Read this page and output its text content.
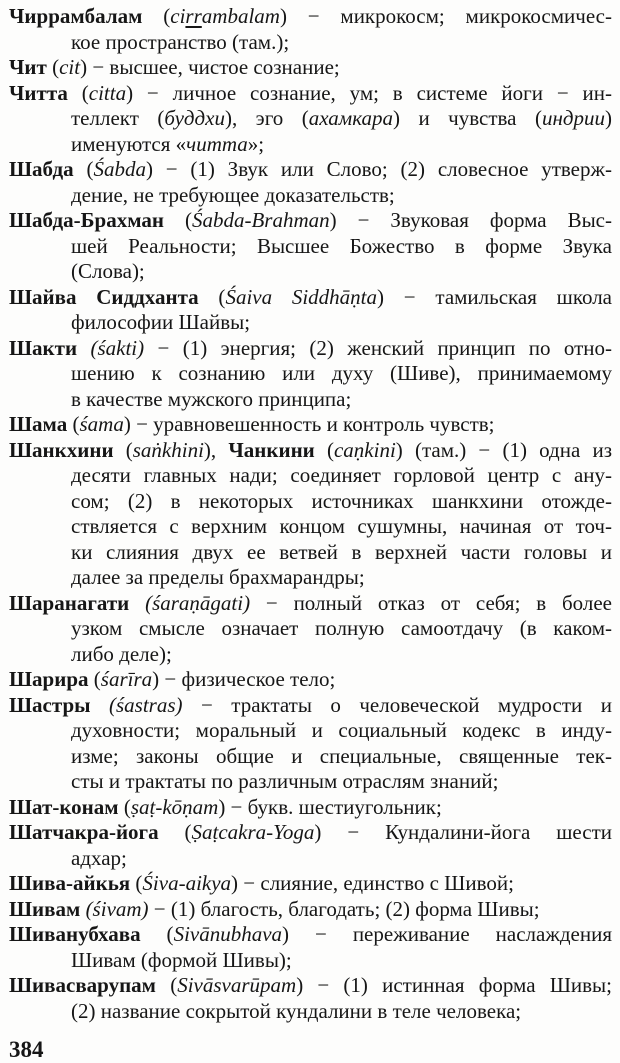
Чиррамбалам (cirrambalam) − микрокосм; микрокосмичес-
кое пространство (там.);
Чит (cit) − высшее, чистое сознание;
Читта (citta) − личное сознание, ум; в системе йоги − ин-
теллект (буддхи), эго (ахамкара) и чувства (индрии)
именуются «читта»;
Шабда (Śabda) − (1) Звук или Слово; (2) словесное утверж-
дение, не требующее доказательств;
Шабда-Брахман (Śabda-Brahman) − Звуковая форма Выс-
шей Реальности; Высшее Божество в форме Звука
(Слова);
Шайва Сиддханта (Śaiva Siddhāṇta) − тамильская школа
философии Шайвы;
Шакти (śakti) − (1) энергия; (2) женский принцип по отно-
шению к сознанию или духу (Шиве), принимаемому
в качестве мужского принципа;
Шама (śama) − уравновешенность и контроль чувств;
Шанкхини (saṅkhini), Чанкини (caṇkini) (там.) − (1) одна из
десяти главных нади; соединяет горловой центр с ану-
сом; (2) в некоторых источниках шанкхини отожде-
ствляется с верхним концом сушумны, начиная от точ-
ки слияния двух ее ветвей в верхней части головы и
далее за пределы брахмарандры;
Шаранагати (śaraṇāgati) − полный отказ от себя; в более
узком смысле означает полную самоотдачу (в каком-
либо деле);
Шарира (śarīra) − физическое тело;
Шастры (śastras) − трактаты о человеческой мудрости и
духовности; моральный и социальный кодекс в инду-
изме; законы общие и специальные, священные тек-
сты и трактаты по различным отраслям знаний;
Шат-конам (ṣaṭ-kōṇam) − букв. шестиугольник;
Шатчакра-йога (Ṣaṭcakra-Yoga) − Кундалини-йога шести
адхар;
Шива-айкья (Śiva-aikya) − слияние, единство с Шивой;
Шивам (śivam) − (1) благость, благодать; (2) форма Шивы;
Шиванубхава (Sivānubhava) − переживание наслаждения
Шивам (формой Шивы);
Шивасварупам (Sivāsvarūpam) − (1) истинная форма Шивы;
(2) название сокрытой кундалини в теле человека;
384
